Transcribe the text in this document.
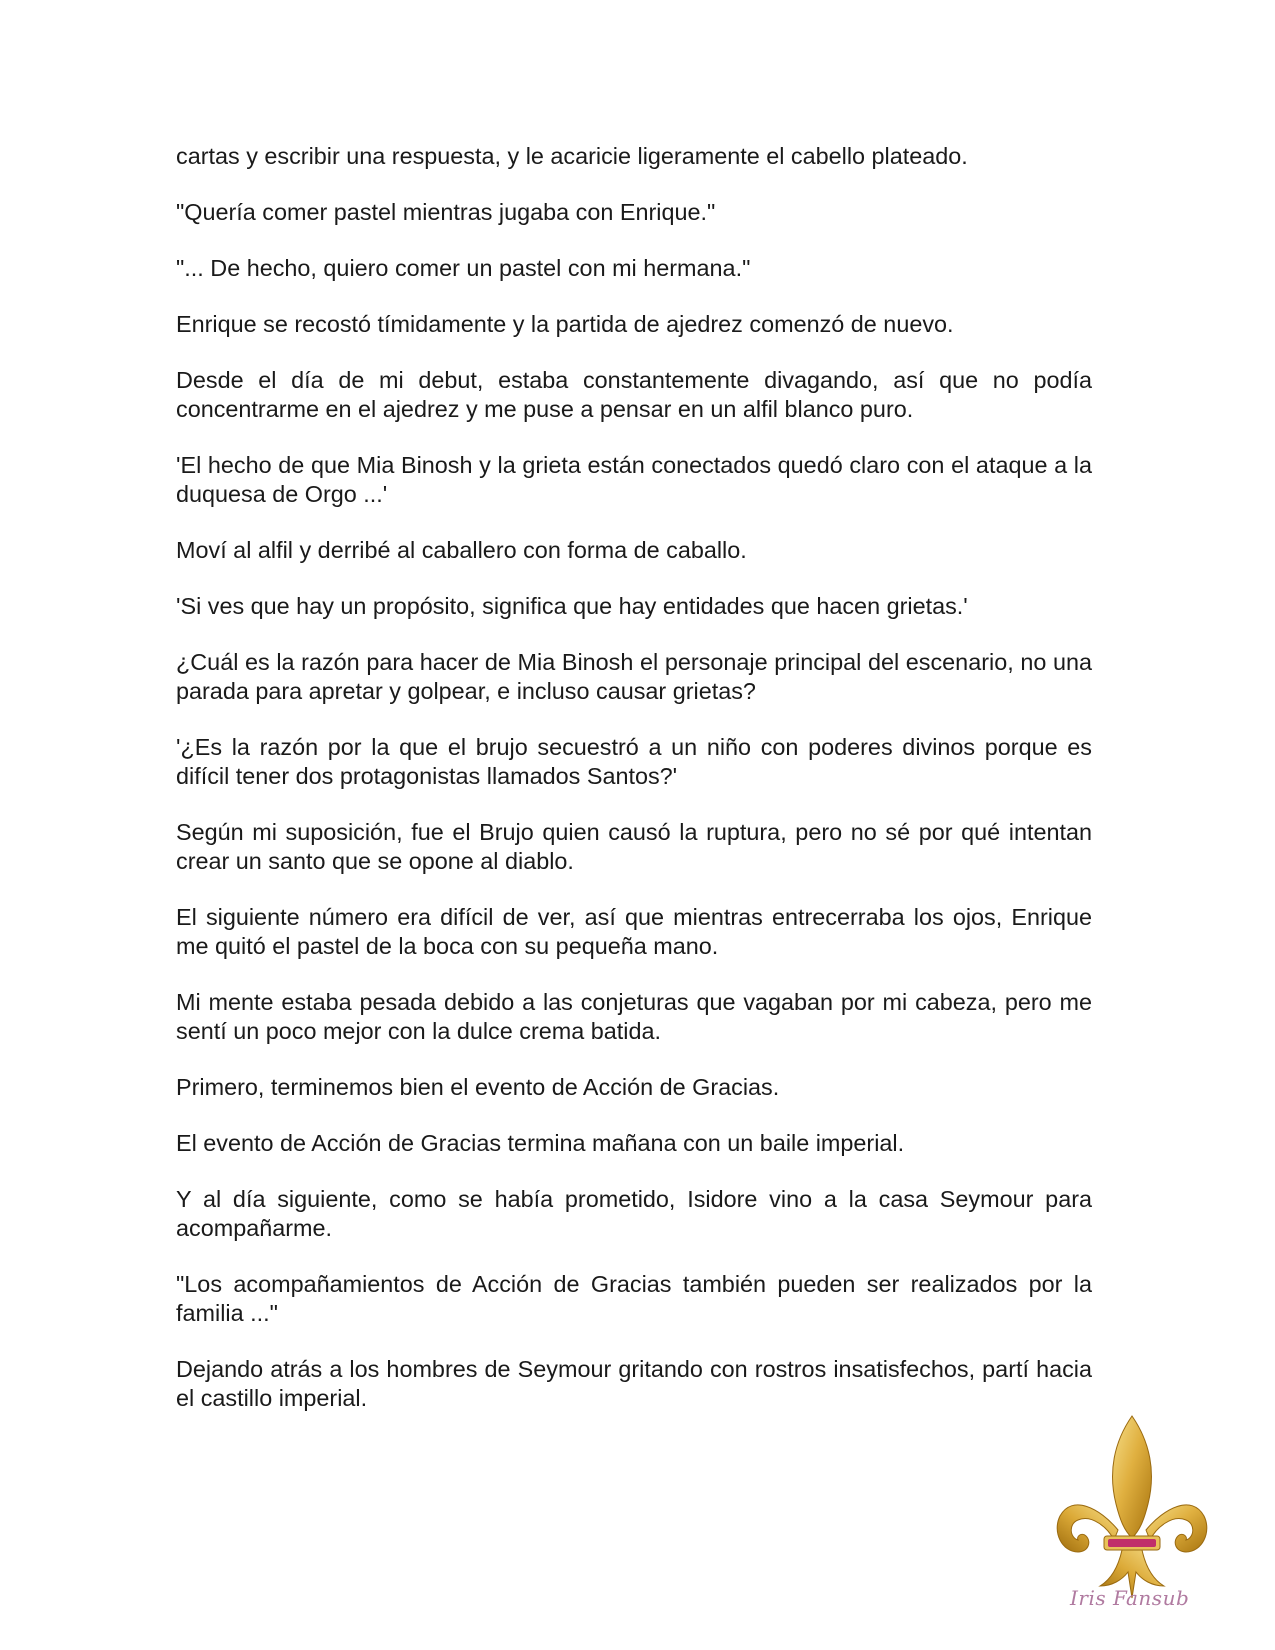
cartas y escribir una respuesta, y le acaricie ligeramente el cabello plateado.

"Quería comer pastel mientras jugaba con Enrique."

"... De hecho, quiero comer un pastel con mi hermana."

Enrique se recostó tímidamente y la partida de ajedrez comenzó de nuevo.

Desde el día de mi debut, estaba constantemente divagando, así que no podía concentrarme en el ajedrez y me puse a pensar en un alfil blanco puro.

'El hecho de que Mia Binosh y la grieta están conectados quedó claro con el ataque a la duquesa de Orgo ...'

Moví al alfil y derribé al caballero con forma de caballo.

'Si ves que hay un propósito, significa que hay entidades que hacen grietas.'

¿Cuál es la razón para hacer de Mia Binosh el personaje principal del escenario, no una parada para apretar y golpear, e incluso causar grietas?

'¿Es la razón por la que el brujo secuestró a un niño con poderes divinos porque es difícil tener dos protagonistas llamados Santos?'

Según mi suposición, fue el Brujo quien causó la ruptura, pero no sé por qué intentan crear un santo que se opone al diablo.

El siguiente número era difícil de ver, así que mientras entrecerraba los ojos, Enrique me quitó el pastel de la boca con su pequeña mano.

Mi mente estaba pesada debido a las conjeturas que vagaban por mi cabeza, pero me sentí un poco mejor con la dulce crema batida.

Primero, terminemos bien el evento de Acción de Gracias.

El evento de Acción de Gracias termina mañana con un baile imperial.

Y al día siguiente, como se había prometido, Isidore vino a la casa Seymour para acompañarme.

"Los acompañamientos de Acción de Gracias también pueden ser realizados por la familia ..."

Dejando atrás a los hombres de Seymour gritando con rostros insatisfechos, partí hacia el castillo imperial.

Iris Fansub
